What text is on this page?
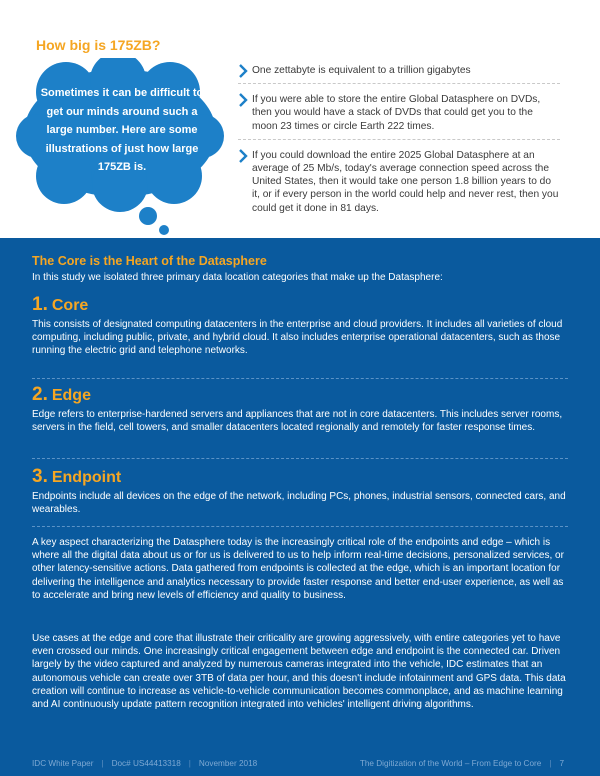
How big is 175ZB?
Sometimes it can be difficult to get our minds around such a large number. Here are some illustrations of just how large 175ZB is.
One zettabyte is equivalent to a trillion gigabytes
If you were able to store the entire Global Datasphere on DVDs, then you would have a stack of DVDs that could get you to the moon 23 times or circle Earth 222 times.
If you could download the entire 2025 Global Datasphere at an average of 25 Mb/s, today's average connection speed across the United States, then it would take one person 1.8 billion years to do it, or if every person in the world could help and never rest, then you could get it done in 81 days.
The Core is the Heart of the Datasphere
In this study we isolated three primary data location categories that make up the Datasphere:
1. Core
This consists of designated computing datacenters in the enterprise and cloud providers. It includes all varieties of cloud computing, including public, private, and hybrid cloud. It also includes enterprise operational datacenters, such as those running the electric grid and telephone networks.
2. Edge
Edge refers to enterprise-hardened servers and appliances that are not in core datacenters. This includes server rooms, servers in the field, cell towers, and smaller datacenters located regionally and remotely for faster response times.
3. Endpoint
Endpoints include all devices on the edge of the network, including PCs, phones, industrial sensors, connected cars, and wearables.
A key aspect characterizing the Datasphere today is the increasingly critical role of the endpoints and edge – which is where all the digital data about us or for us is delivered to us to help inform real-time decisions, personalized services, or other latency-sensitive actions. Data gathered from endpoints is collected at the edge, which is an important location for delivering the intelligence and analytics necessary to provide faster response and better end-user experience, as well as to accelerate and bring new levels of efficiency and quality to business.
Use cases at the edge and core that illustrate their criticality are growing aggressively, with entire categories yet to have even crossed our minds. One increasingly critical engagement between edge and endpoint is the connected car. Driven largely by the video captured and analyzed by numerous cameras integrated into the vehicle, IDC estimates that an autonomous vehicle can create over 3TB of data per hour, and this doesn't include infotainment and GPS data. This data creation will continue to increase as vehicle-to-vehicle communication becomes commonplace, and as machine learning and AI continuously update pattern recognition integrated into vehicles' intelligent driving algorithms.
IDC White Paper | Doc# US44413318 | November 2018	The Digitization of the World – From Edge to Core | 7
